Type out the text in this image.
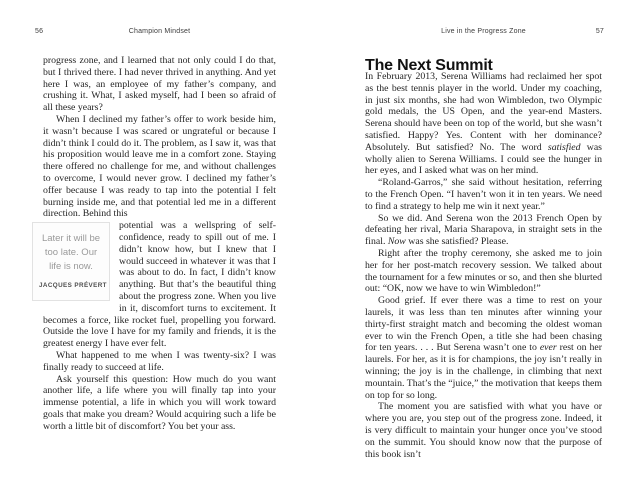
56	Champion Mindset

progress zone, and I learned that not only could I do that, but I thrived there. I had never thrived in anything. And yet here I was, an employee of my father’s company, and crushing it. What, I asked myself, had I been so afraid of all these years?

When I declined my father’s offer to work beside him, it wasn’t because I was scared or ungrateful or because I didn’t think I could do it. The problem, as I saw it, was that his proposition would leave me in a comfort zone. Staying there offered no challenge for me, and without challenges to overcome, I would never grow. I declined my father’s offer because I was ready to tap into the potential I felt burning inside me, and that potential led me in a different direction. Behind this

Later it will be too late. Our life is now.
JACQUES PRÉVERT

potential was a wellspring of self-confidence, ready to spill out of me. I didn’t know how, but I knew that I would succeed in whatever it was that I was about to do. In fact, I didn’t know anything. But that’s the beautiful thing about the progress zone. When you live in it, discomfort turns to excitement. It becomes a force, like rocket fuel, propelling you forward. Outside the love I have for my family and friends, it is the greatest energy I have ever felt.

What happened to me when I was twenty-six? I was finally ready to succeed at life.

Ask yourself this question: How much do you want another life, a life where you will finally tap into your immense potential, a life in which you will work toward goals that make you dream? Would acquiring such a life be worth a little bit of discomfort? You bet your ass.

Live in the Progress Zone	57
The Next Summit

In February 2013, Serena Williams had reclaimed her spot as the best tennis player in the world. Under my coaching, in just six months, she had won Wimbledon, two Olympic gold medals, the US Open, and the year-end Masters. Serena should have been on top of the world, but she wasn’t satisfied. Happy? Yes. Content with her dominance? Absolutely. But satisfied? No. The word satisfied was wholly alien to Serena Williams. I could see the hunger in her eyes, and I asked what was on her mind.

“Roland-Garros,” she said without hesitation, referring to the French Open. “I haven’t won it in ten years. We need to find a strategy to help me win it next year.”

So we did. And Serena won the 2013 French Open by defeating her rival, Maria Sharapova, in straight sets in the final. Now was she satisfied? Please.

Right after the trophy ceremony, she asked me to join her for her post-match recovery session. We talked about the tournament for a few minutes or so, and then she blurted out: “OK, now we have to win Wimbledon!”

Good grief. If ever there was a time to rest on your laurels, it was less than ten minutes after winning your thirty-first straight match and becoming the oldest woman ever to win the French Open, a title she had been chasing for ten years. . . . But Serena wasn’t one to ever rest on her laurels. For her, as it is for champions, the joy isn’t really in winning; the joy is in the challenge, in climbing that next mountain. That’s the “juice,” the motivation that keeps them on top for so long.

The moment you are satisfied with what you have or where you are, you step out of the progress zone. Indeed, it is very difficult to maintain your hunger once you’ve stood on the summit. You should know now that the purpose of this book isn’t
